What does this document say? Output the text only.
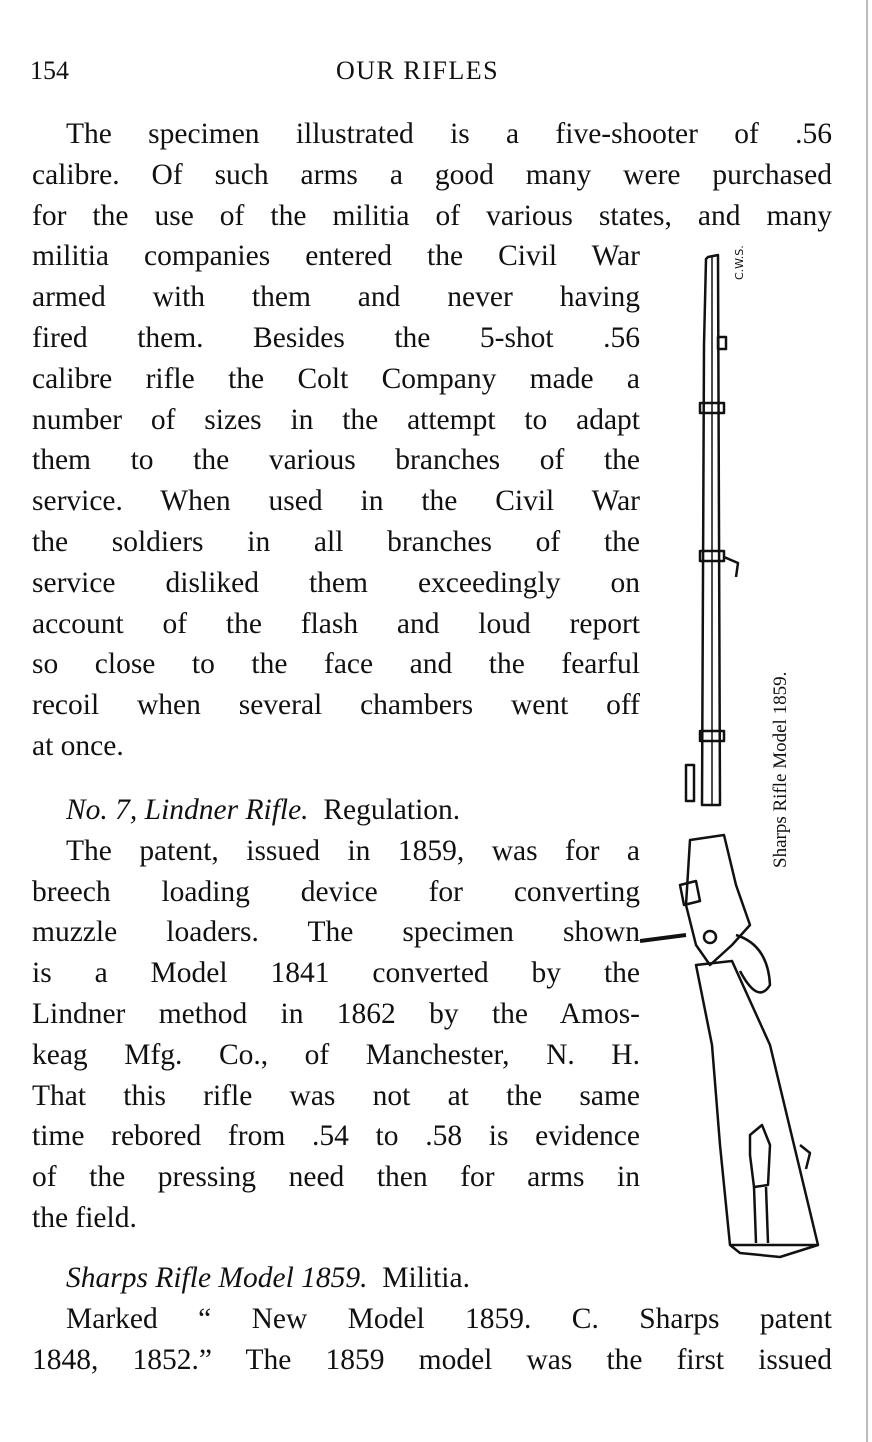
154	OUR RIFLES
The specimen illustrated is a five-shooter of .56
calibre. Of such arms a good many were purchased
for the use of the militia of various states, and many
militia companies entered the Civil War
armed with them and never having
fired them. Besides the 5-shot .56
calibre rifle the Colt Company made a
number of sizes in the attempt to adapt
them to the various branches of the
service. When used in the Civil War
the soldiers in all branches of the
service disliked them exceedingly on
account of the flash and loud report
so close to the face and the fearful
recoil when several chambers went off
at once.
No. 7, Lindner Rifle. Regulation.
The patent, issued in 1859, was for a
breech loading device for converting
muzzle loaders. The specimen shown
is a Model 1841 converted by the
Lindner method in 1862 by the Amos-
keag Mfg. Co., of Manchester, N. H.
That this rifle was not at the same
time rebored from .54 to .58 is evidence
of the pressing need then for arms in
the field.
Sharps Rifle Model 1859. Militia.
Marked “ New Model 1859. C. Sharps patent
1848, 1852.” The 1859 model was the first issued
C.W.S.
Sharps Rifle Model 1859.
